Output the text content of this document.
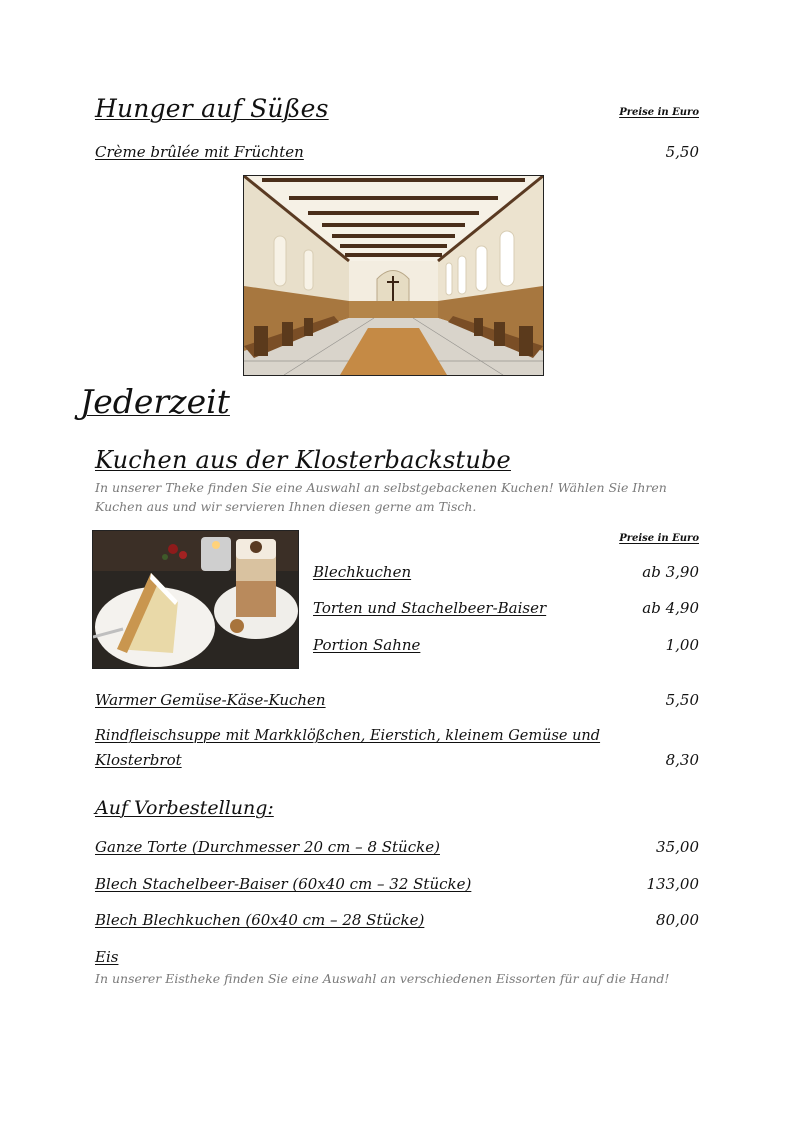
Hunger auf Süßes	Preise in Euro
Crème brûlée mit Früchten	5,50
Jederzeit
Kuchen aus der Klosterbackstube
In unserer Theke finden Sie eine Auswahl an selbstgebackenen Kuchen! Wählen Sie Ihren Kuchen aus und wir servieren Ihnen diesen gerne am Tisch.
Preise in Euro
Blechkuchen	ab 3,90
Torten und Stachelbeer-Baiser	ab 4,90
Portion Sahne	1,00
Warmer Gemüse-Käse-Kuchen	5,50
Rindfleischsuppe mit Markklößchen, Eierstich, kleinem Gemüse und
Klosterbrot	8,30
Auf Vorbestellung:
Ganze Torte (Durchmesser 20 cm – 8 Stücke)	35,00
Blech Stachelbeer-Baiser (60x40 cm – 32 Stücke)	133,00
Blech Blechkuchen (60x40 cm – 28 Stücke)	80,00
Eis
In unserer Eistheke finden Sie eine Auswahl an verschiedenen Eissorten für auf die Hand!
